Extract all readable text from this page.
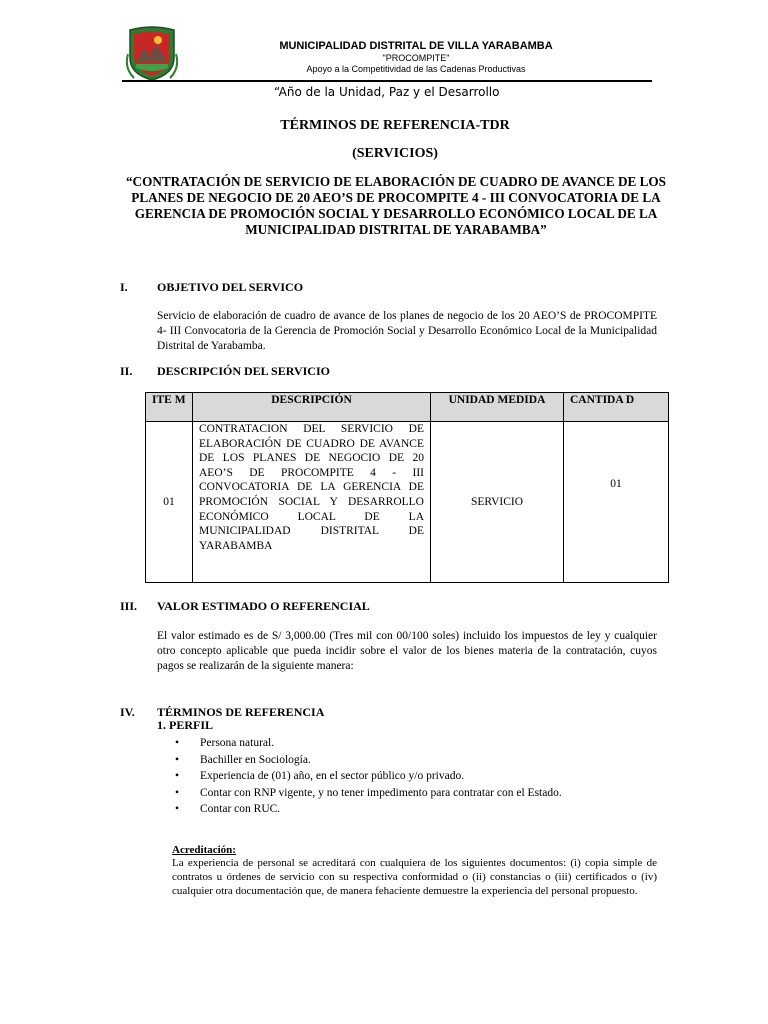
MUNICIPALIDAD DISTRITAL DE VILLA YARABAMBA
"PROCOMPITE"
Apoyo a la Competitividad de las Cadenas Productivas
“Año de la Unidad, Paz y el Desarrollo
TÉRMINOS DE REFERENCIA-TDR
(SERVICIOS)
“CONTRATACIÓN DE SERVICIO DE ELABORACIÓN DE CUADRO DE AVANCE DE LOS PLANES DE NEGOCIO DE 20 AEO’S DE PROCOMPITE 4 - III CONVOCATORIA DE LA GERENCIA DE PROMOCIÓN SOCIAL Y DESARROLLO ECONÓMICO LOCAL DE LA MUNICIPALIDAD DISTRITAL DE YARABAMBA”
I. OBJETIVO DEL SERVICO
Servicio de elaboración de cuadro de avance de los planes de negocio de los 20 AEO’S de PROCOMPITE 4- III Convocatoria de la Gerencia de Promoción Social y Desarrollo Económico Local de la Municipalidad Distrital de Yarabamba.
II. DESCRIPCIÓN DEL SERVICIO
ITE M	DESCRIPCIÓN	UNIDAD MEDIDA	CANTIDA D
01	CONTRATACION DEL SERVICIO DE ELABORACIÓN DE CUADRO DE AVANCE DE LOS PLANES DE NEGOCIO DE 20 AEO’S DE PROCOMPITE 4 - III CONVOCATORIA DE LA GERENCIA DE PROMOCIÓN SOCIAL Y DESARROLLO ECONÓMICO LOCAL DE LA MUNICIPALIDAD DISTRITAL DE YARABAMBA	SERVICIO	01
III. VALOR ESTIMADO O REFERENCIAL
El valor estimado es de S/ 3,000.00 (Tres mil con 00/100 soles) incluido los impuestos de ley y cualquier otro concepto aplicable que pueda incidir sobre el valor de los bienes materia de la contratación, cuyos pagos se realizarán de la siguiente manera:
IV. TÉRMINOS DE REFERENCIA
1. PERFIL
• Persona natural.
• Bachiller en Sociología.
• Experiencia de (01) año, en el sector público y/o privado.
• Contar con RNP vigente, y no tener impedimento para contratar con el Estado.
• Contar con RUC.
Acreditación:
La experiencia de personal se acreditará con cualquiera de los siguientes documentos: (i) copia simple de contratos u órdenes de servicio con su respectiva conformidad o (ii) constancias o (iii) certificados o (iv) cualquier otra documentación que, de manera fehaciente demuestre la experiencia del personal propuesto.
